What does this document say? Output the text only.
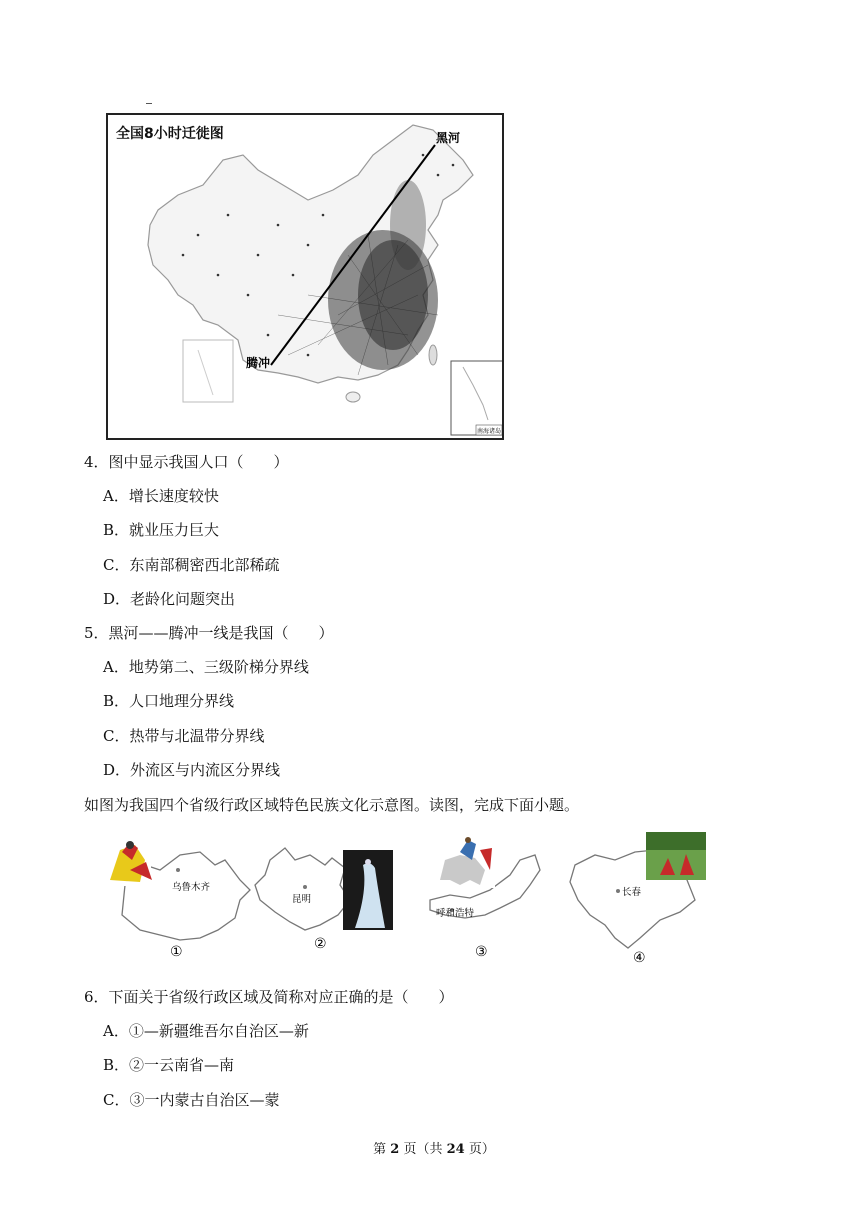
全国8小时迁徙图
南海诸岛
黑河
腾冲
4．图中显示我国人口（　　）
A．增长速度较快
B．就业压力巨大
C．东南部稠密西北部稀疏
D．老龄化问题突出
5．黑河——腾冲一线是我国（　　）
A．地势第二、三级阶梯分界线
B．人口地理分界线
C．热带与北温带分界线
D．外流区与内流区分界线
如图为我国四个省级行政区域特色民族文化示意图。读图，完成下面小题。
乌鲁木齐
昆明
呼和浩特
长春
①	②	③	④
6．下面关于省级行政区域及简称对应正确的是（　　）
A．①—新疆维吾尔自治区—新
B．②一云南省—南
C．③一内蒙古自治区—蒙
第 2 页（共 24 页）
